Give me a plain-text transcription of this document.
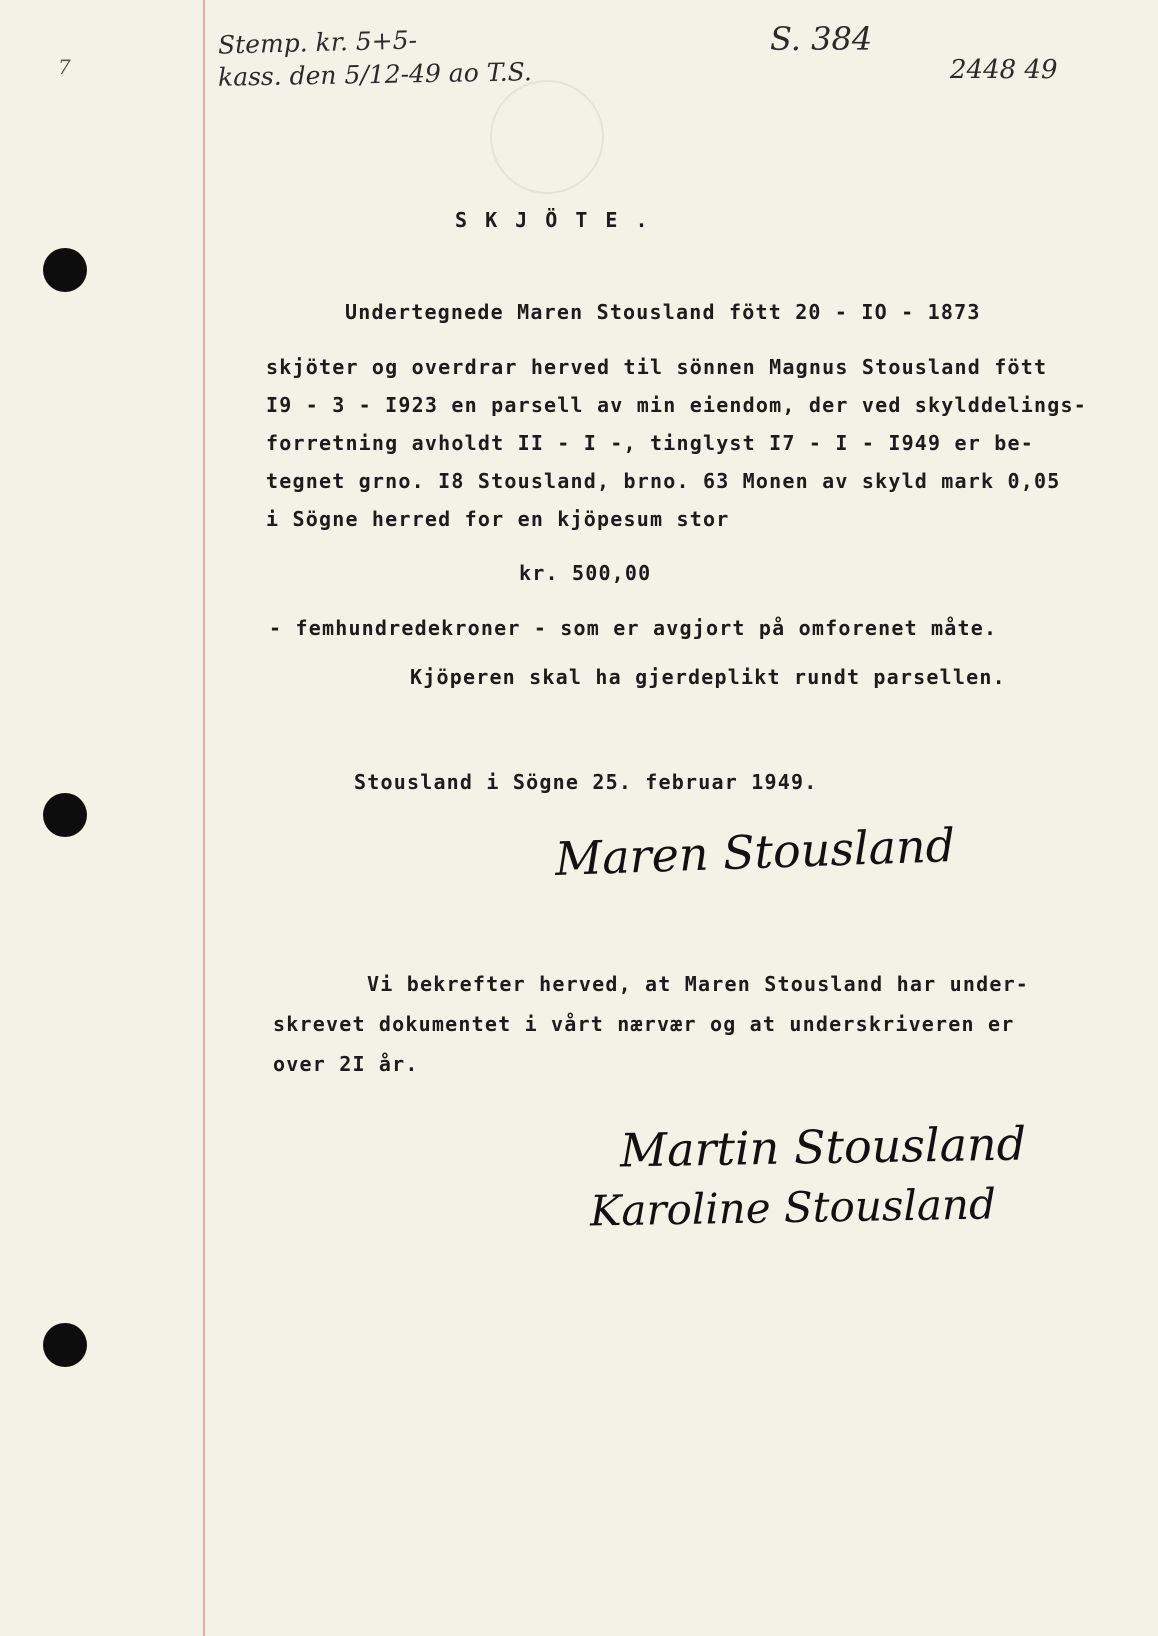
7
Stemp. kr. 5+5-
kass. den 5/12-49 ao T.S.
S. 384
2448 49
S K J Ö T E .
Undertegnede Maren Stousland fött 20 - IO - 1873
skjöter og overdrar herved til sönnen Magnus Stousland fött
I9 - 3 - I923 en parsell av min eiendom, der ved skylddelings-
forretning avholdt II - I -, tinglyst I7 - I - I949 er be-
tegnet grno. I8 Stousland, brno. 63 Monen av skyld mark 0,05
i Sögne herred for en kjöpesum stor
kr. 500,00
- femhundredekroner - som er avgjort på omforenet måte.
Kjöperen skal ha gjerdeplikt rundt parsellen.
Stousland i Sögne 25. februar 1949.
Maren Stousland
Vi bekrefter herved, at Maren Stousland har under-
skrevet dokumentet i vårt nærvær og at underskriveren er
over 2I år.
Martin Stousland
Karoline Stousland
